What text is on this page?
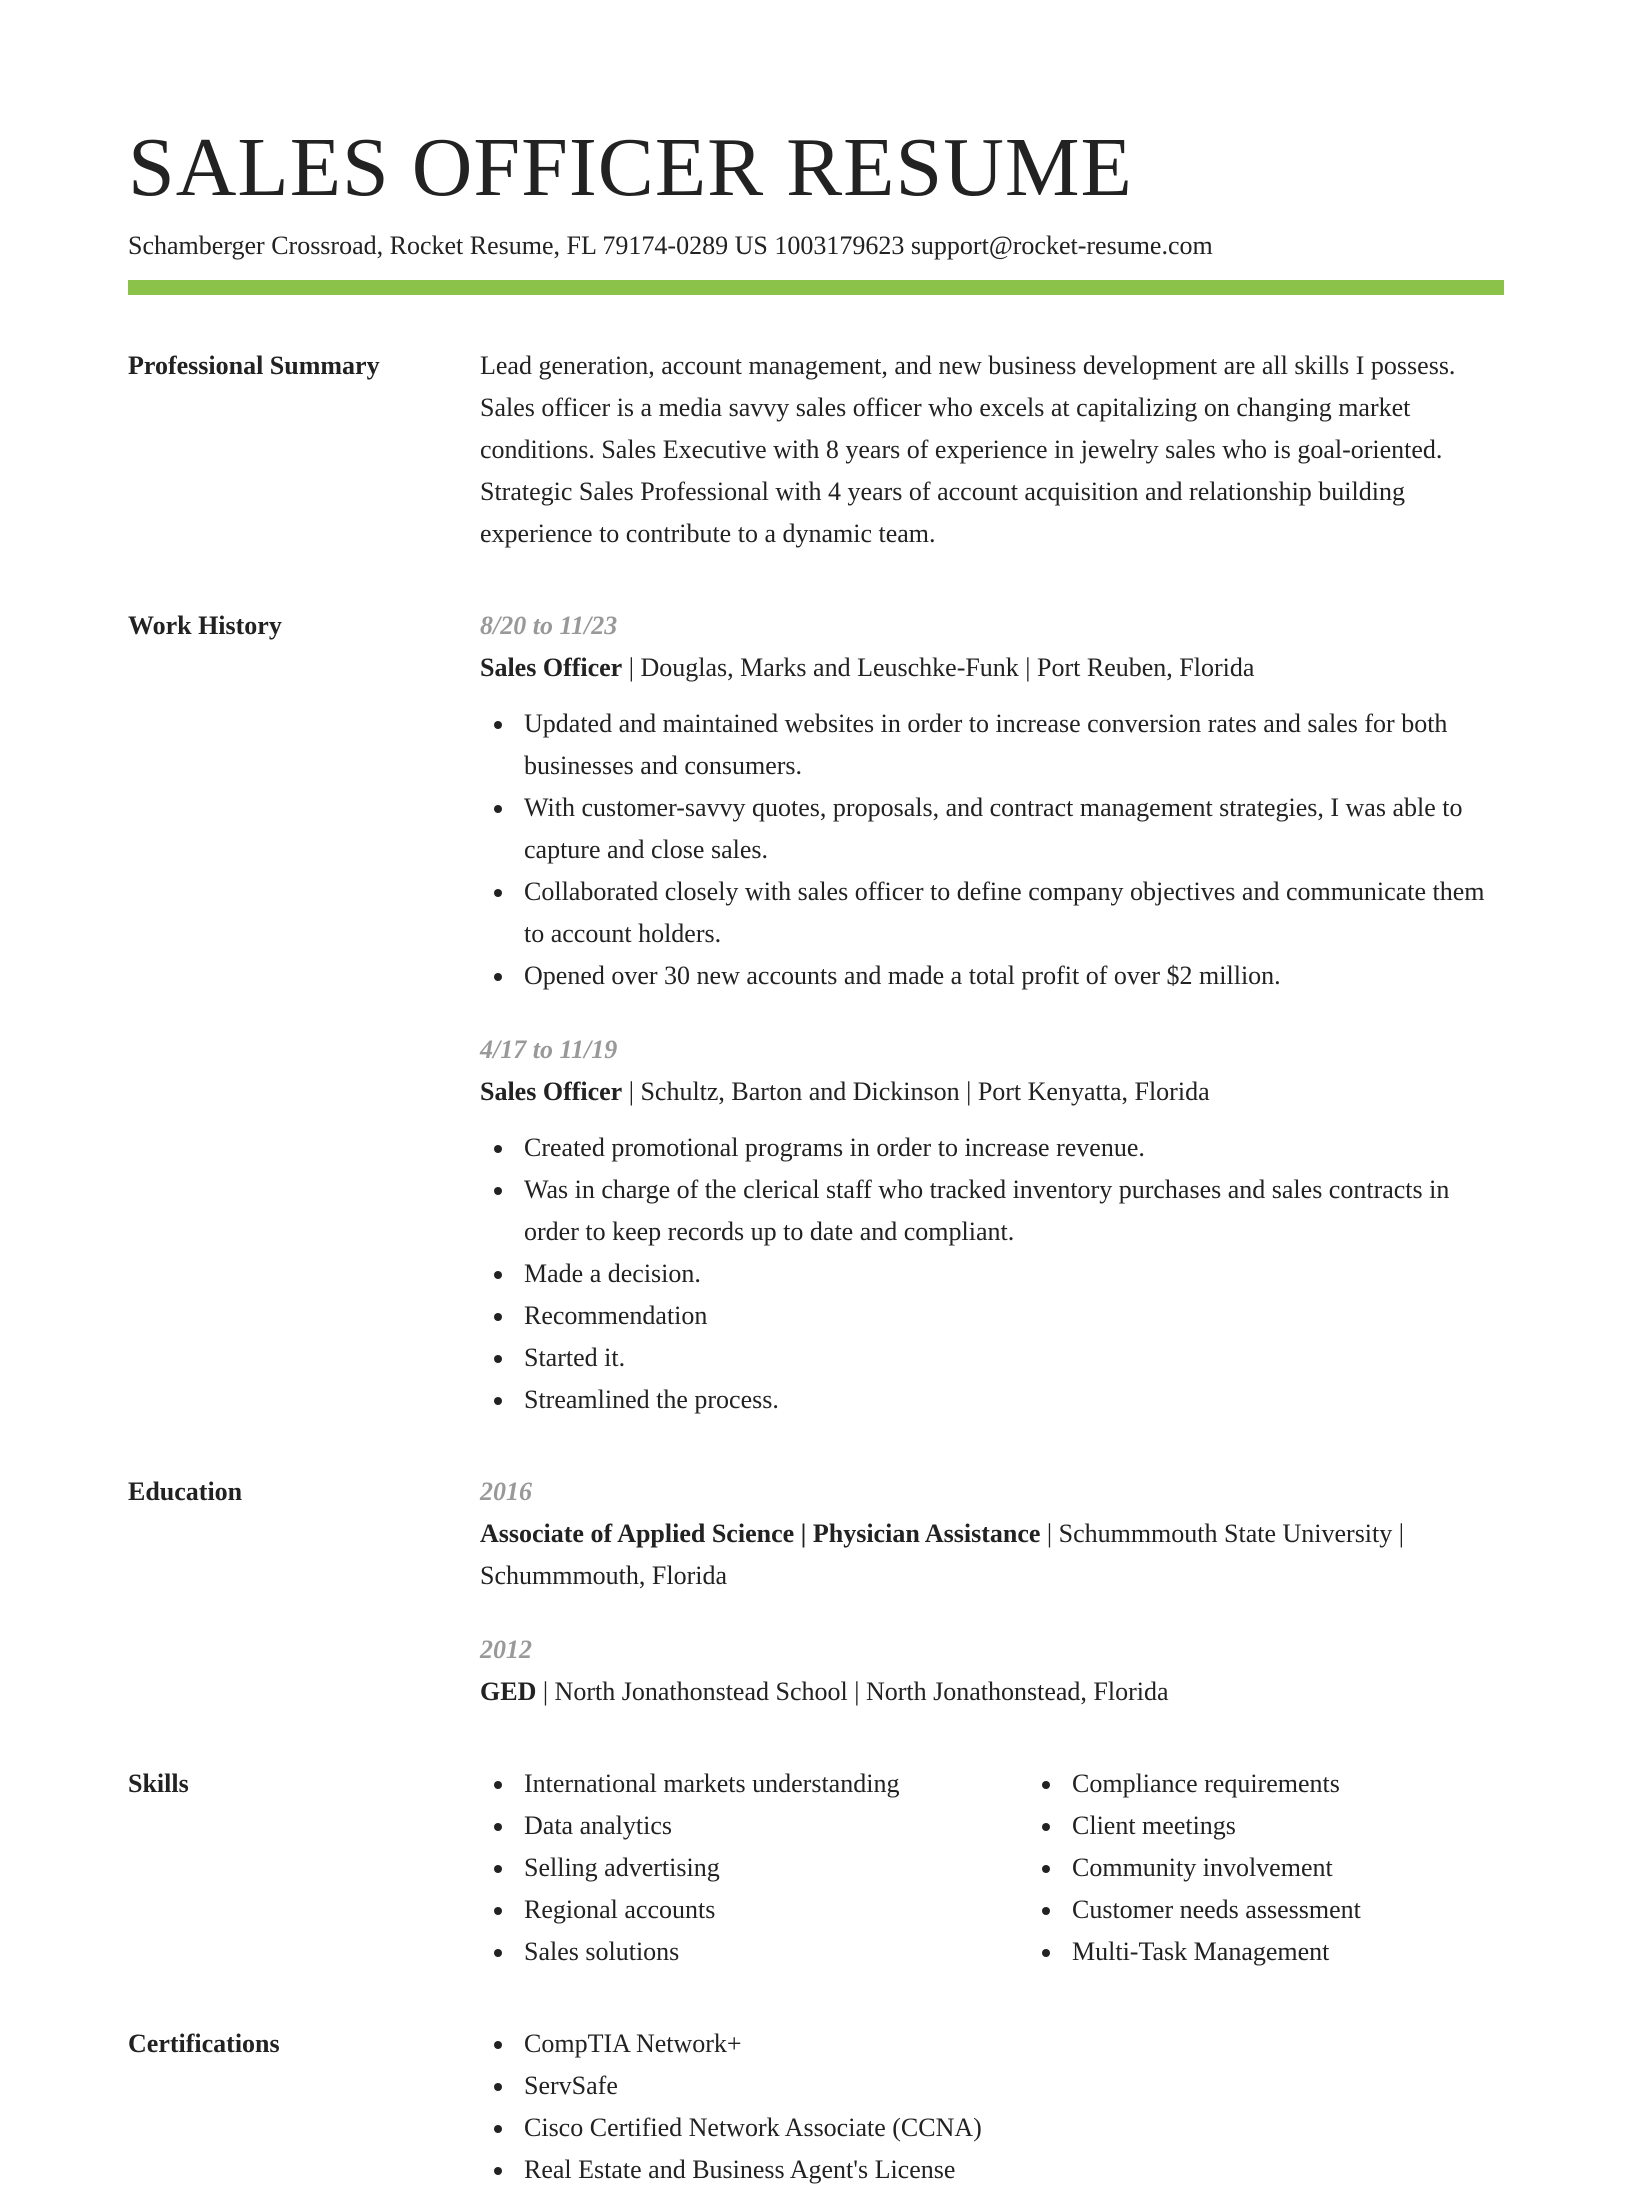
SALES OFFICER RESUME
Schamberger Crossroad, Rocket Resume, FL 79174-0289 US 1003179623 support@rocket-resume.com
Professional Summary	Lead generation, account management, and new business development are all skills I possess. Sales officer is a media savvy sales officer who excels at capitalizing on changing market conditions. Sales Executive with 8 years of experience in jewelry sales who is goal-oriented. Strategic Sales Professional with 4 years of account acquisition and relationship building experience to contribute to a dynamic team.
Work History	8/20 to 11/23
Sales Officer | Douglas, Marks and Leuschke-Funk | Port Reuben, Florida
Updated and maintained websites in order to increase conversion rates and sales for both businesses and consumers.
With customer-savvy quotes, proposals, and contract management strategies, I was able to capture and close sales.
Collaborated closely with sales officer to define company objectives and communicate them to account holders.
Opened over 30 new accounts and made a total profit of over $2 million.
4/17 to 11/19
Sales Officer | Schultz, Barton and Dickinson | Port Kenyatta, Florida
Created promotional programs in order to increase revenue.
Was in charge of the clerical staff who tracked inventory purchases and sales contracts in order to keep records up to date and compliant.
Made a decision.
Recommendation
Started it.
Streamlined the process.
Education	2016
Associate of Applied Science | Physician Assistance | Schummmouth State University | Schummmouth, Florida
2012
GED | North Jonathonstead School | North Jonathonstead, Florida
Skills	International markets understanding
Data analytics
Selling advertising
Regional accounts
Sales solutions
Compliance requirements
Client meetings
Community involvement
Customer needs assessment
Multi-Task Management
Certifications	CompTIA Network+
ServSafe
Cisco Certified Network Associate (CCNA)
Real Estate and Business Agent's License
